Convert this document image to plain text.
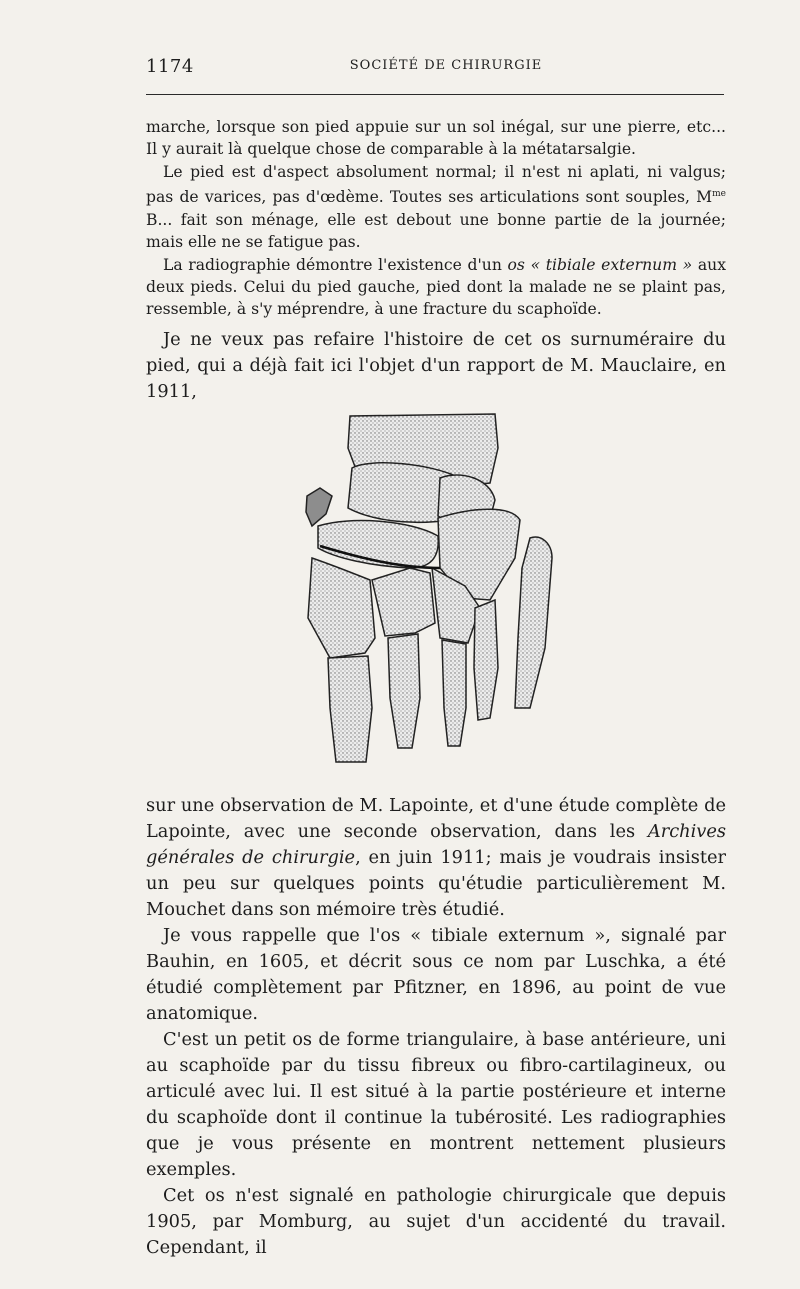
1174	SOCIÉTÉ DE CHIRURGIE

marche, lorsque son pied appuie sur un sol inégal, sur une pierre, etc...

Il y aurait là quelque chose de comparable à la métatarsalgie.

Le pied est d'aspect absolument normal; il n'est ni aplati, ni valgus; pas de varices, pas d'œdème. Toutes ses articulations sont souples, $M^{me}$ B... fait son ménage, elle est debout une bonne partie de la journée; mais elle ne se fatigue pas.

La radiographie démontre l'existence d'un os « tibiale externum » aux deux pieds. Celui du pied gauche, pied dont la malade ne se plaint pas, ressemble, à s'y méprendre, à une fracture du scaphoïde.

Je ne veux pas refaire l'histoire de cet os surnuméraire du pied, qui a déjà fait ici l'objet d'un rapport de M. Mauclaire, en 1911,

sur une observation de M. Lapointe, et d'une étude complète de Lapointe, avec une seconde observation, dans les Archives générales de chirurgie, en juin 1911; mais je voudrais insister un peu sur quelques points qu'étudie particulièrement M. Mouchet dans son mémoire très étudié.

Je vous rappelle que l'os « tibiale externum », signalé par Bauhin, en 1605, et décrit sous ce nom par Luschka, a été étudié complètement par Pfitzner, en 1896, au point de vue anatomique.

C'est un petit os de forme triangulaire, à base antérieure, uni au scaphoïde par du tissu fibreux ou fibro-cartilagineux, ou articulé avec lui. Il est situé à la partie postérieure et interne du scaphoïde dont il continue la tubérosité. Les radiographies que je vous présente en montrent nettement plusieurs exemples.

Cet os n'est signalé en pathologie chirurgicale que depuis 1905, par Momburg, au sujet d'un accidenté du travail. Cependant, il
